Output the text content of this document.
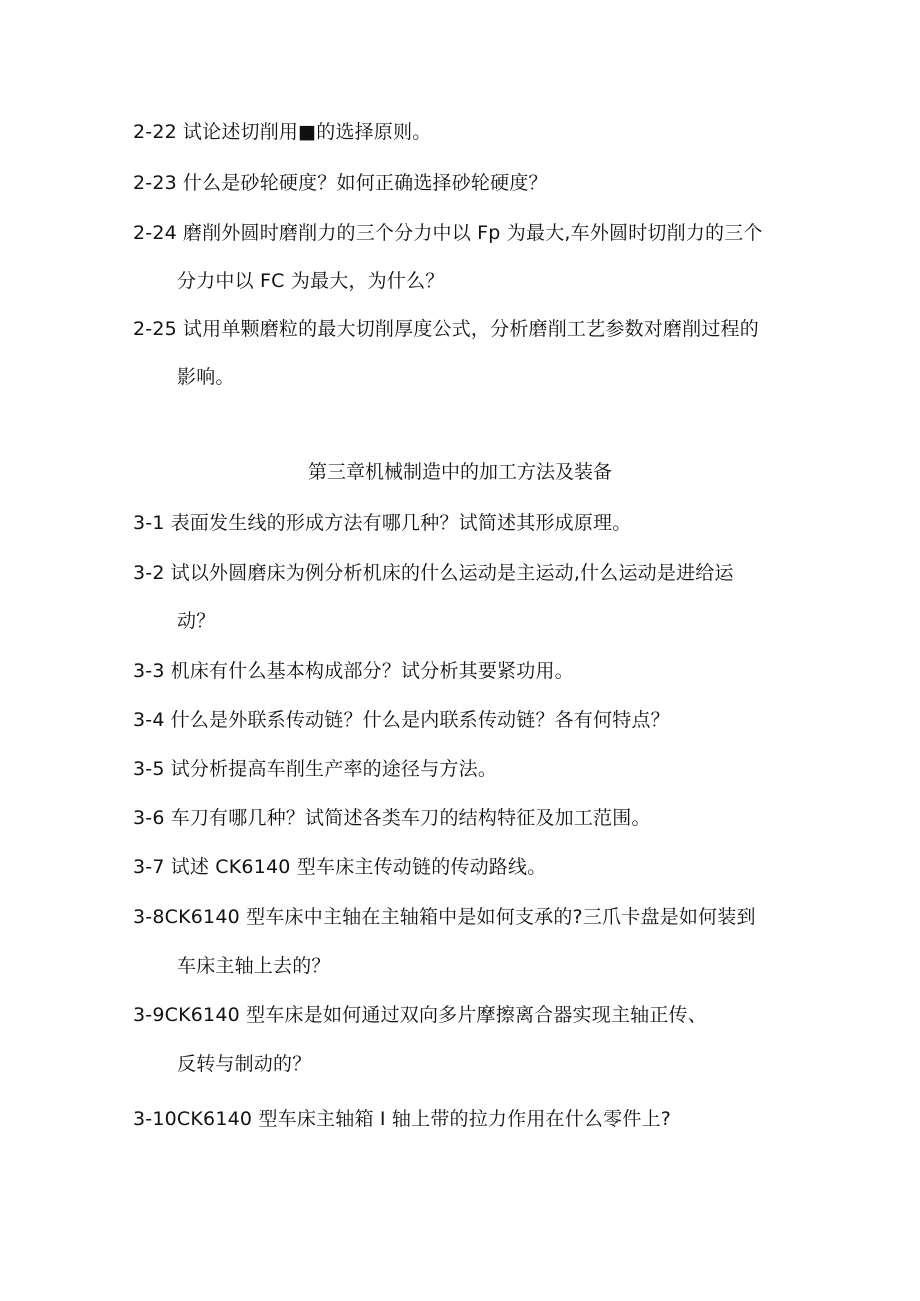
2-22 试论述切削用■的选择原则。
2-23 什么是砂轮硬度？如何正确选择砂轮硬度？
2-24 磨削外圆时磨削力的三个分力中以 Fp 为最大,车外圆时切削力的三个
分力中以 FC 为最大，为什么？
2-25 试用单颗磨粒的最大切削厚度公式，分析磨削工艺参数对磨削过程的
影响。
第三章机械制造中的加工方法及装备
3-1 表面发生线的形成方法有哪几种？试简述其形成原理。
3-2 试以外圆磨床为例分析机床的什么运动是主运动,什么运动是进给运
动？
3-3 机床有什么基本构成部分？试分析其要紧功用。
3-4 什么是外联系传动链？什么是内联系传动链？各有何特点？
3-5 试分析提高车削生产率的途径与方法。
3-6 车刀有哪几种？试简述各类车刀的结构特征及加工范围。
3-7 试述 CK6140 型车床主传动链的传动路线。
3-8CK6140 型车床中主轴在主轴箱中是如何支承的?三爪卡盘是如何装到
车床主轴上去的？
3-9CK6140 型车床是如何通过双向多片摩擦离合器实现主轴正传、
反转与制动的？
3-10CK6140 型车床主轴箱 I 轴上带的拉力作用在什么零件上?
